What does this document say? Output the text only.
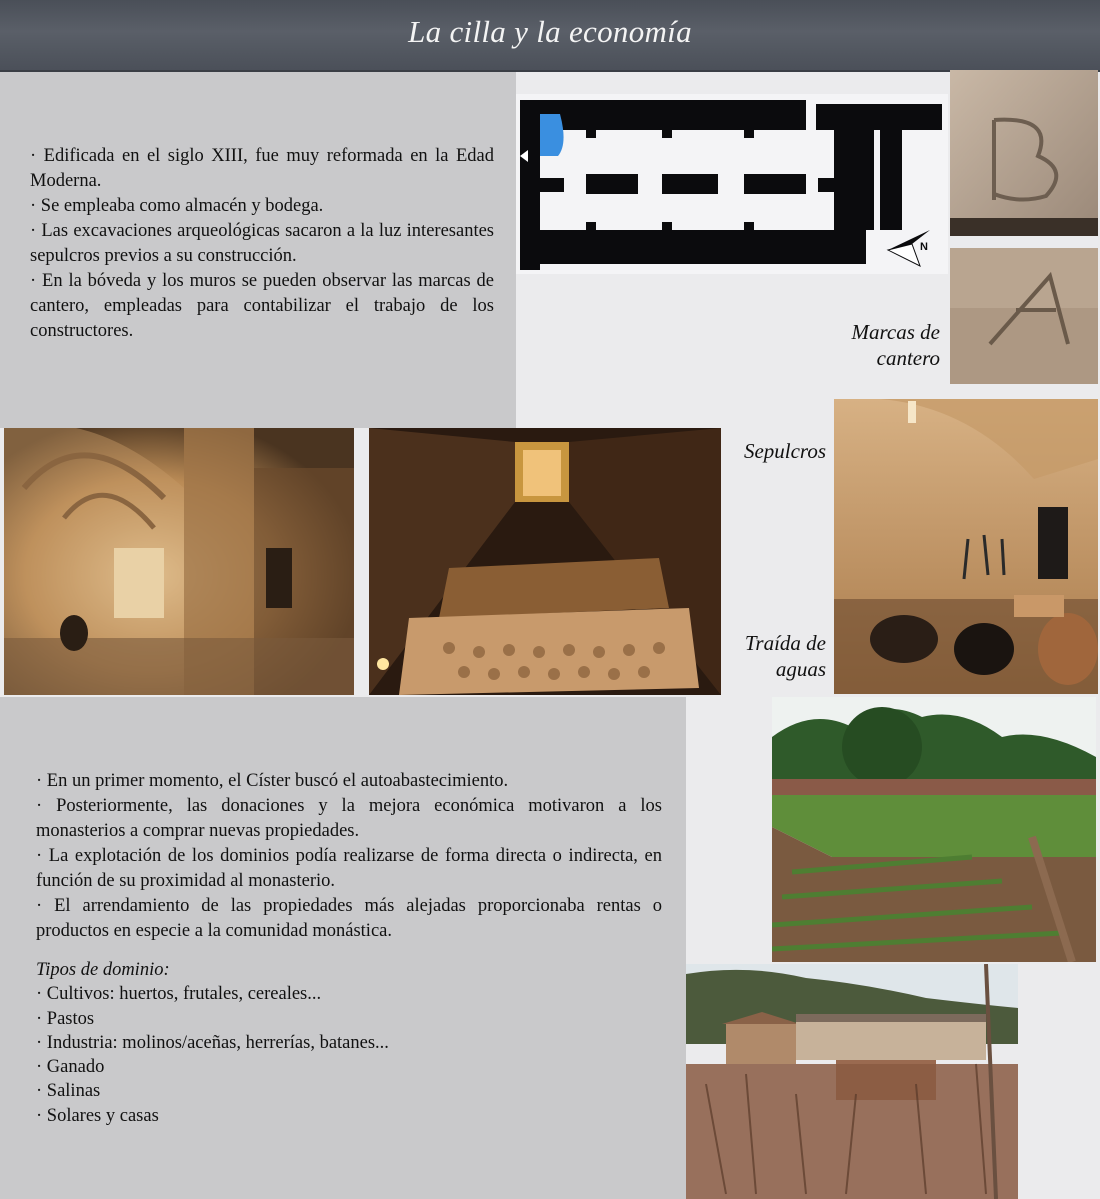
La cilla y la economía

· Edificada en el siglo XIII, fue muy reformada en la Edad Moderna.

· Se empleaba como almacén y bodega.

· Las excavaciones arqueológicas sacaron a la luz interesantes sepulcros previos a su construcción.

· En la bóveda y los muros se pueden observar las marcas de cantero, empleadas para contabilizar el trabajo de los constructores.

N
Marcas de
cantero
Sepulcros
Traída de
aguas

· En un primer momento, el Císter buscó el autoabastecimiento.

· Posteriormente, las donaciones y la mejora económica motivaron a los monasterios a comprar nuevas propiedades.

· La explotación de los dominios podía realizarse de forma directa o indirecta, en función de su proximidad al monasterio.

· El arrendamiento de las propiedades más alejadas proporcionaba rentas o productos en especie a la comunidad monástica.

Tipos de dominio:
· Cultivos: huertos, frutales, cereales...
· Pastos
· Industria: molinos/aceñas, herrerías, batanes...
· Ganado
· Salinas
· Solares y casas
